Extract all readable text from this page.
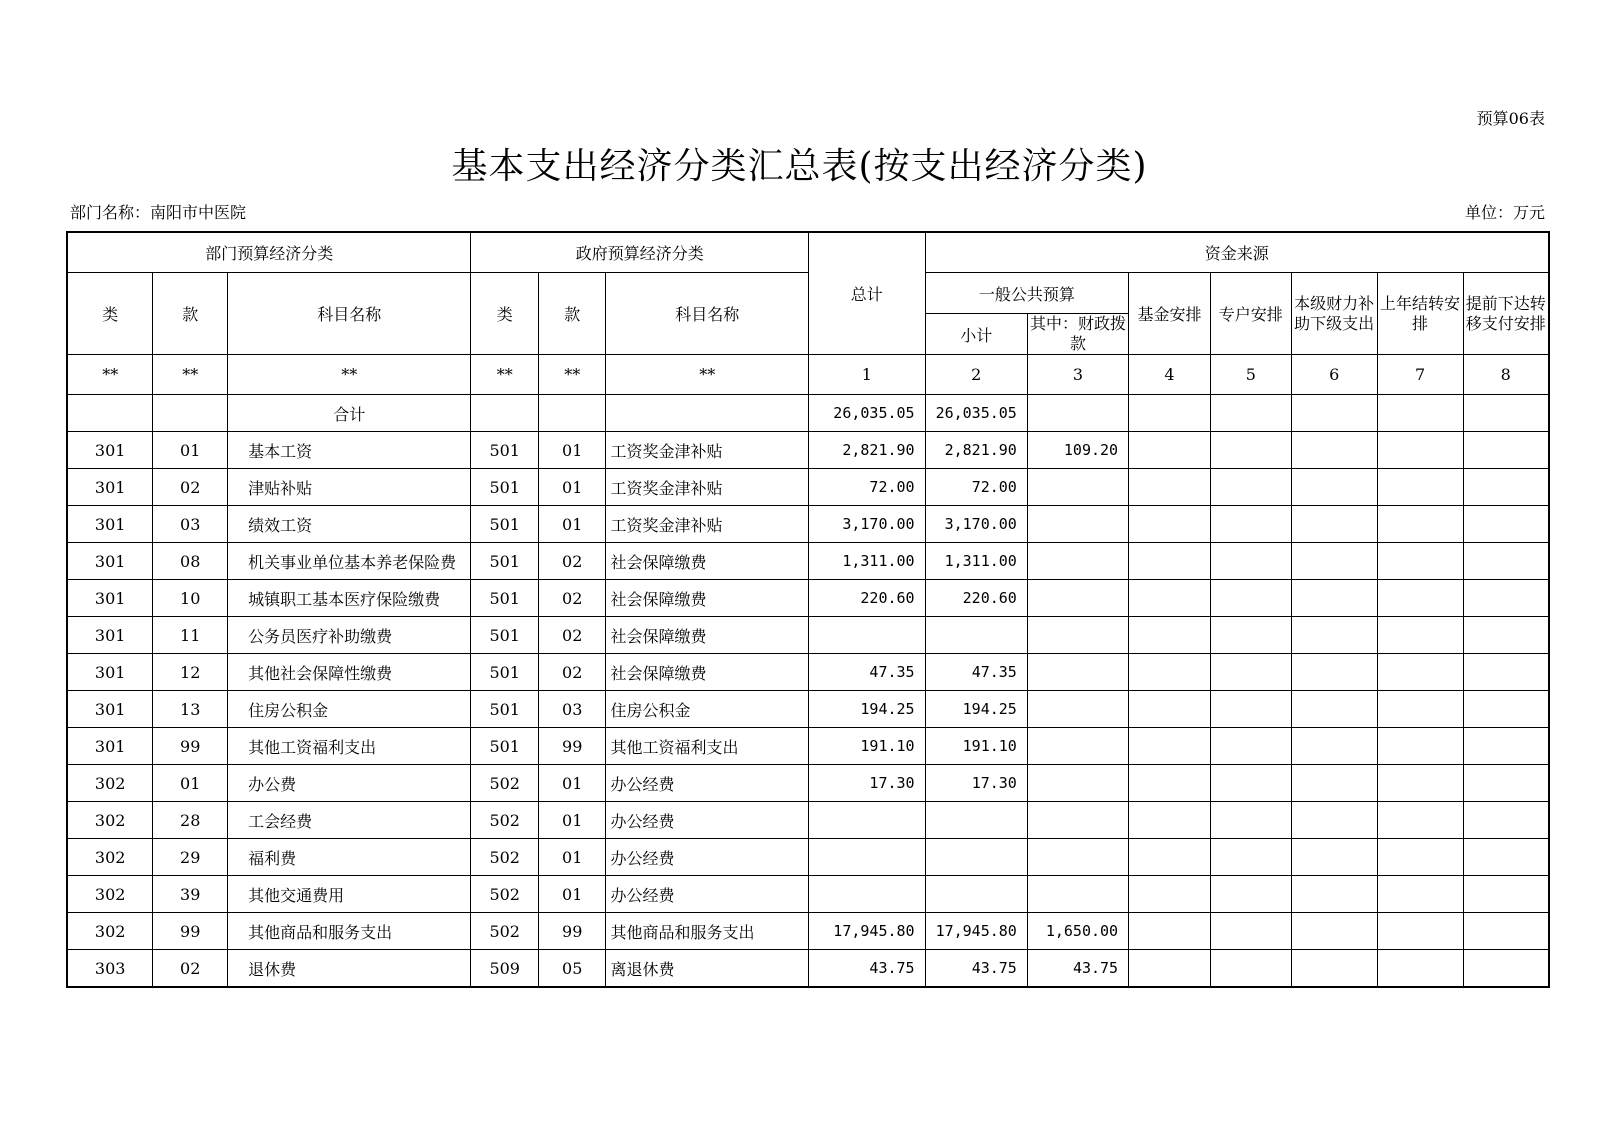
预算06表
基本支出经济分类汇总表(按支出经济分类)
部门名称：南阳市中医院	单位：万元
部门预算经济分类			政府预算经济分类			总计	资金来源						
类	款	科目名称	类	款	科目名称		一般公共预算		基金安排	专户安排	本级财力补助下级支出	上年结转安排	提前下达转移支付安排
							小计	其中：财政拨款					
**	**	**	**	**	**	1	2	3	4	5	6	7	8
		合计				26,035.05	26,035.05						
301	01	基本工资	501	01	工资奖金津补贴	2,821.90	2,821.90	109.20					
301	02	津贴补贴	501	01	工资奖金津补贴	72.00	72.00						
301	03	绩效工资	501	01	工资奖金津补贴	3,170.00	3,170.00						
301	08	机关事业单位基本养老保险费	501	02	社会保障缴费	1,311.00	1,311.00						
301	10	城镇职工基本医疗保险缴费	501	02	社会保障缴费	220.60	220.60						
301	11	公务员医疗补助缴费	501	02	社会保障缴费								
301	12	其他社会保障性缴费	501	02	社会保障缴费	47.35	47.35						
301	13	住房公积金	501	03	住房公积金	194.25	194.25						
301	99	其他工资福利支出	501	99	其他工资福利支出	191.10	191.10						
302	01	办公费	502	01	办公经费	17.30	17.30						
302	28	工会经费	502	01	办公经费								
302	29	福利费	502	01	办公经费								
302	39	其他交通费用	502	01	办公经费								
302	99	其他商品和服务支出	502	99	其他商品和服务支出	17,945.80	17,945.80	1,650.00					
303	02	退休费	509	05	离退休费	43.75	43.75	43.75					
